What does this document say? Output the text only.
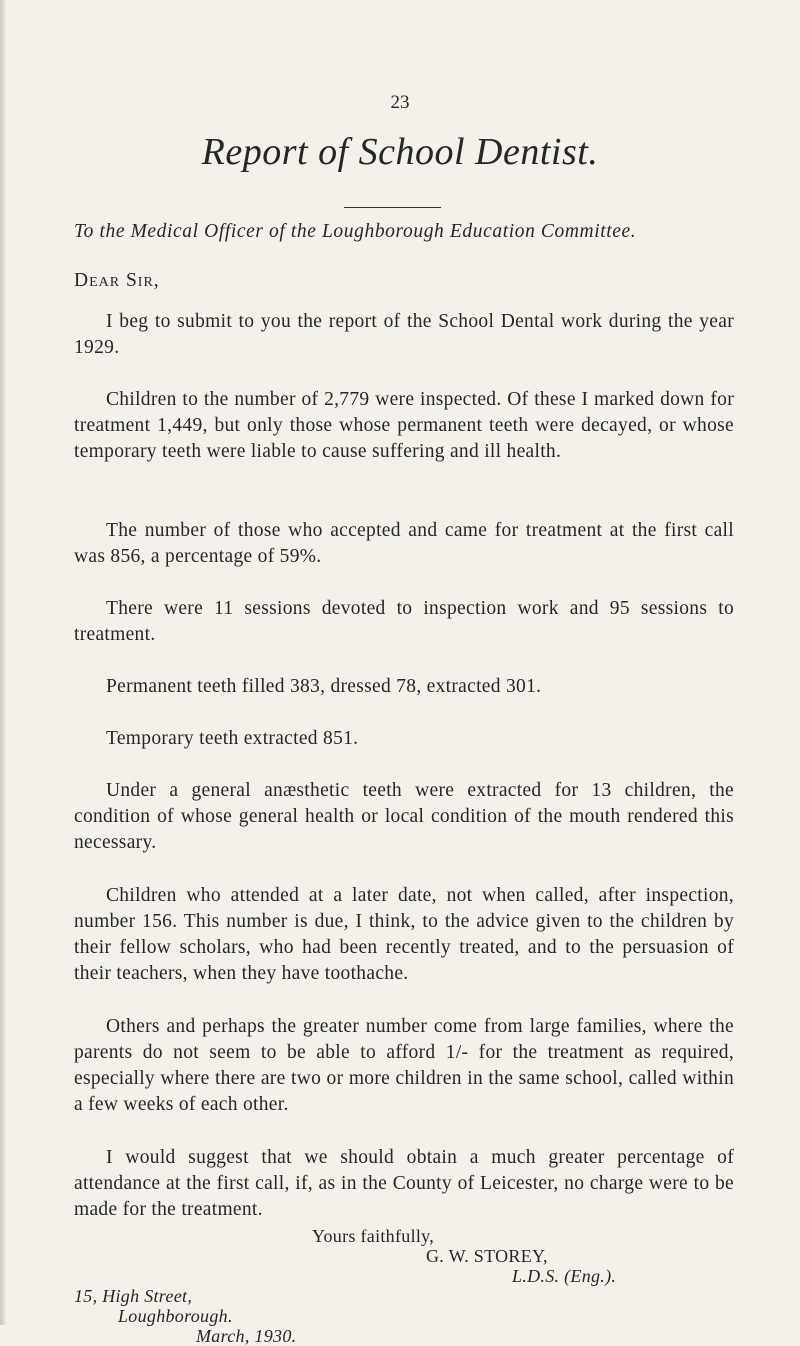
23
Report of School Dentist.
To the Medical Officer of the Loughborough Education Committee.
Dear Sir,
I beg to submit to you the report of the School Dental work during the year 1929.
Children to the number of 2,779 were inspected. Of these I marked down for treatment 1,449, but only those whose permanent teeth were decayed, or whose temporary teeth were liable to cause suffering and ill health.
The number of those who accepted and came for treatment at the first call was 856, a percentage of 59%.
There were 11 sessions devoted to inspection work and 95 sessions to treatment.
Permanent teeth filled 383, dressed 78, extracted 301.
Temporary teeth extracted 851.
Under a general anæsthetic teeth were extracted for 13 children, the condition of whose general health or local condition of the mouth rendered this necessary.
Children who attended at a later date, not when called, after inspection, number 156. This number is due, I think, to the advice given to the children by their fellow scholars, who had been recently treated, and to the persuasion of their teachers, when they have toothache.
Others and perhaps the greater number come from large families, where the parents do not seem to be able to afford 1/- for the treatment as required, especially where there are two or more children in the same school, called within a few weeks of each other.
I would suggest that we should obtain a much greater percentage of attendance at the first call, if, as in the County of Leicester, no charge were to be made for the treatment.
Yours faithfully,
G. W. STOREY,
L.D.S. (Eng.).
15, High Street,
Loughborough.
March, 1930.
